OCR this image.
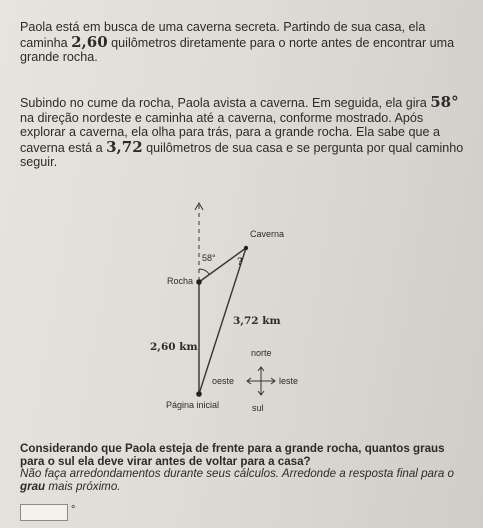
Paola está em busca de uma caverna secreta. Partindo de sua casa, ela caminha 2,60 quilômetros diretamente para o norte antes de encontrar uma grande rocha.

Subindo no cume da rocha, Paola avista a caverna. Em seguida, ela gira 58° na direção nordeste e caminha até a caverna, conforme mostrado. Após explorar a caverna, ela olha para trás, para a grande rocha. Ela sabe que a caverna está a 3,72 quilômetros de sua casa e se pergunta por qual caminho seguir.

Caverna
58° ?
Rocha
3,72 km
2,60 km
Página inicial
norte
sul
leste
oeste

Considerando que Paola esteja de frente para a grande rocha, quantos graus para o sul ela deve virar antes de voltar para a casa?
Não faça arredondamentos durante seus cálculos. Arredonde a resposta final para o grau mais próximo.

°
